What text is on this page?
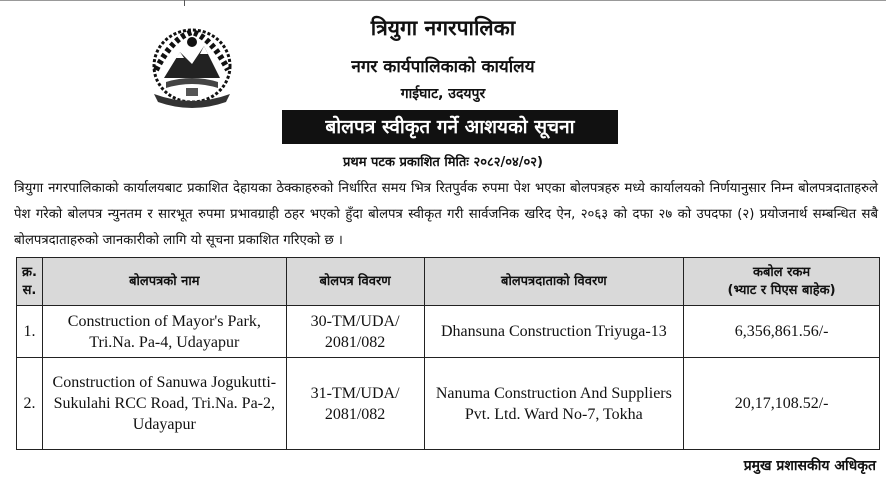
त्रियुगा नगरपालिका
नगर कार्यपालिकाको कार्यालय
गाईघाट, उदयपुर
बोलपत्र स्वीकृत गर्ने आशयको सूचना
प्रथम पटक प्रकाशित मितिः २०८२/०४/०२)
त्रियुगा नगरपालिकाको कार्यालयबाट प्रकाशित देहायका ठेक्काहरुको निर्धारित समय भित्र रितपुर्वक रुपमा पेश भएका बोलपत्रहरु मध्ये कार्यालयको निर्णयानुसार निम्न बोलपत्रदाताहरुले पेश गरेको बोलपत्र न्युनतम र सारभूत रुपमा प्रभावग्राही ठहर भएको हुँदा बोलपत्र स्वीकृत गरी सार्वजनिक खरिद ऐन, २०६३ को दफा २७ को उपदफा (२) प्रयोजनार्थ सम्बन्धित सबै बोलपत्रदाताहरुको जानकारीको लागि यो सूचना प्रकाशित गरिएको छ ।
क्र. स.	बोलपत्रको नाम	बोलपत्र विवरण	बोलपत्रदाताको विवरण	कबोल रकम
(भ्याट र पिएस बाहेक)

1.	Construction of Mayor's Park, Tri.Na. Pa-4, Udayapur	30-TM/UDA/ 2081/082	Dhansuna Construction Triyuga-13	6,356,861.56/-
2.	Construction of Sanuwa Jogukutti-Sukulahi RCC Road, Tri.Na. Pa-2, Udayapur	31-TM/UDA/ 2081/082	Nanuma Construction And Suppliers Pvt. Ltd. Ward No-7, Tokha	20,17,108.52/-
प्रमुख प्रशासकीय अधिकृत
